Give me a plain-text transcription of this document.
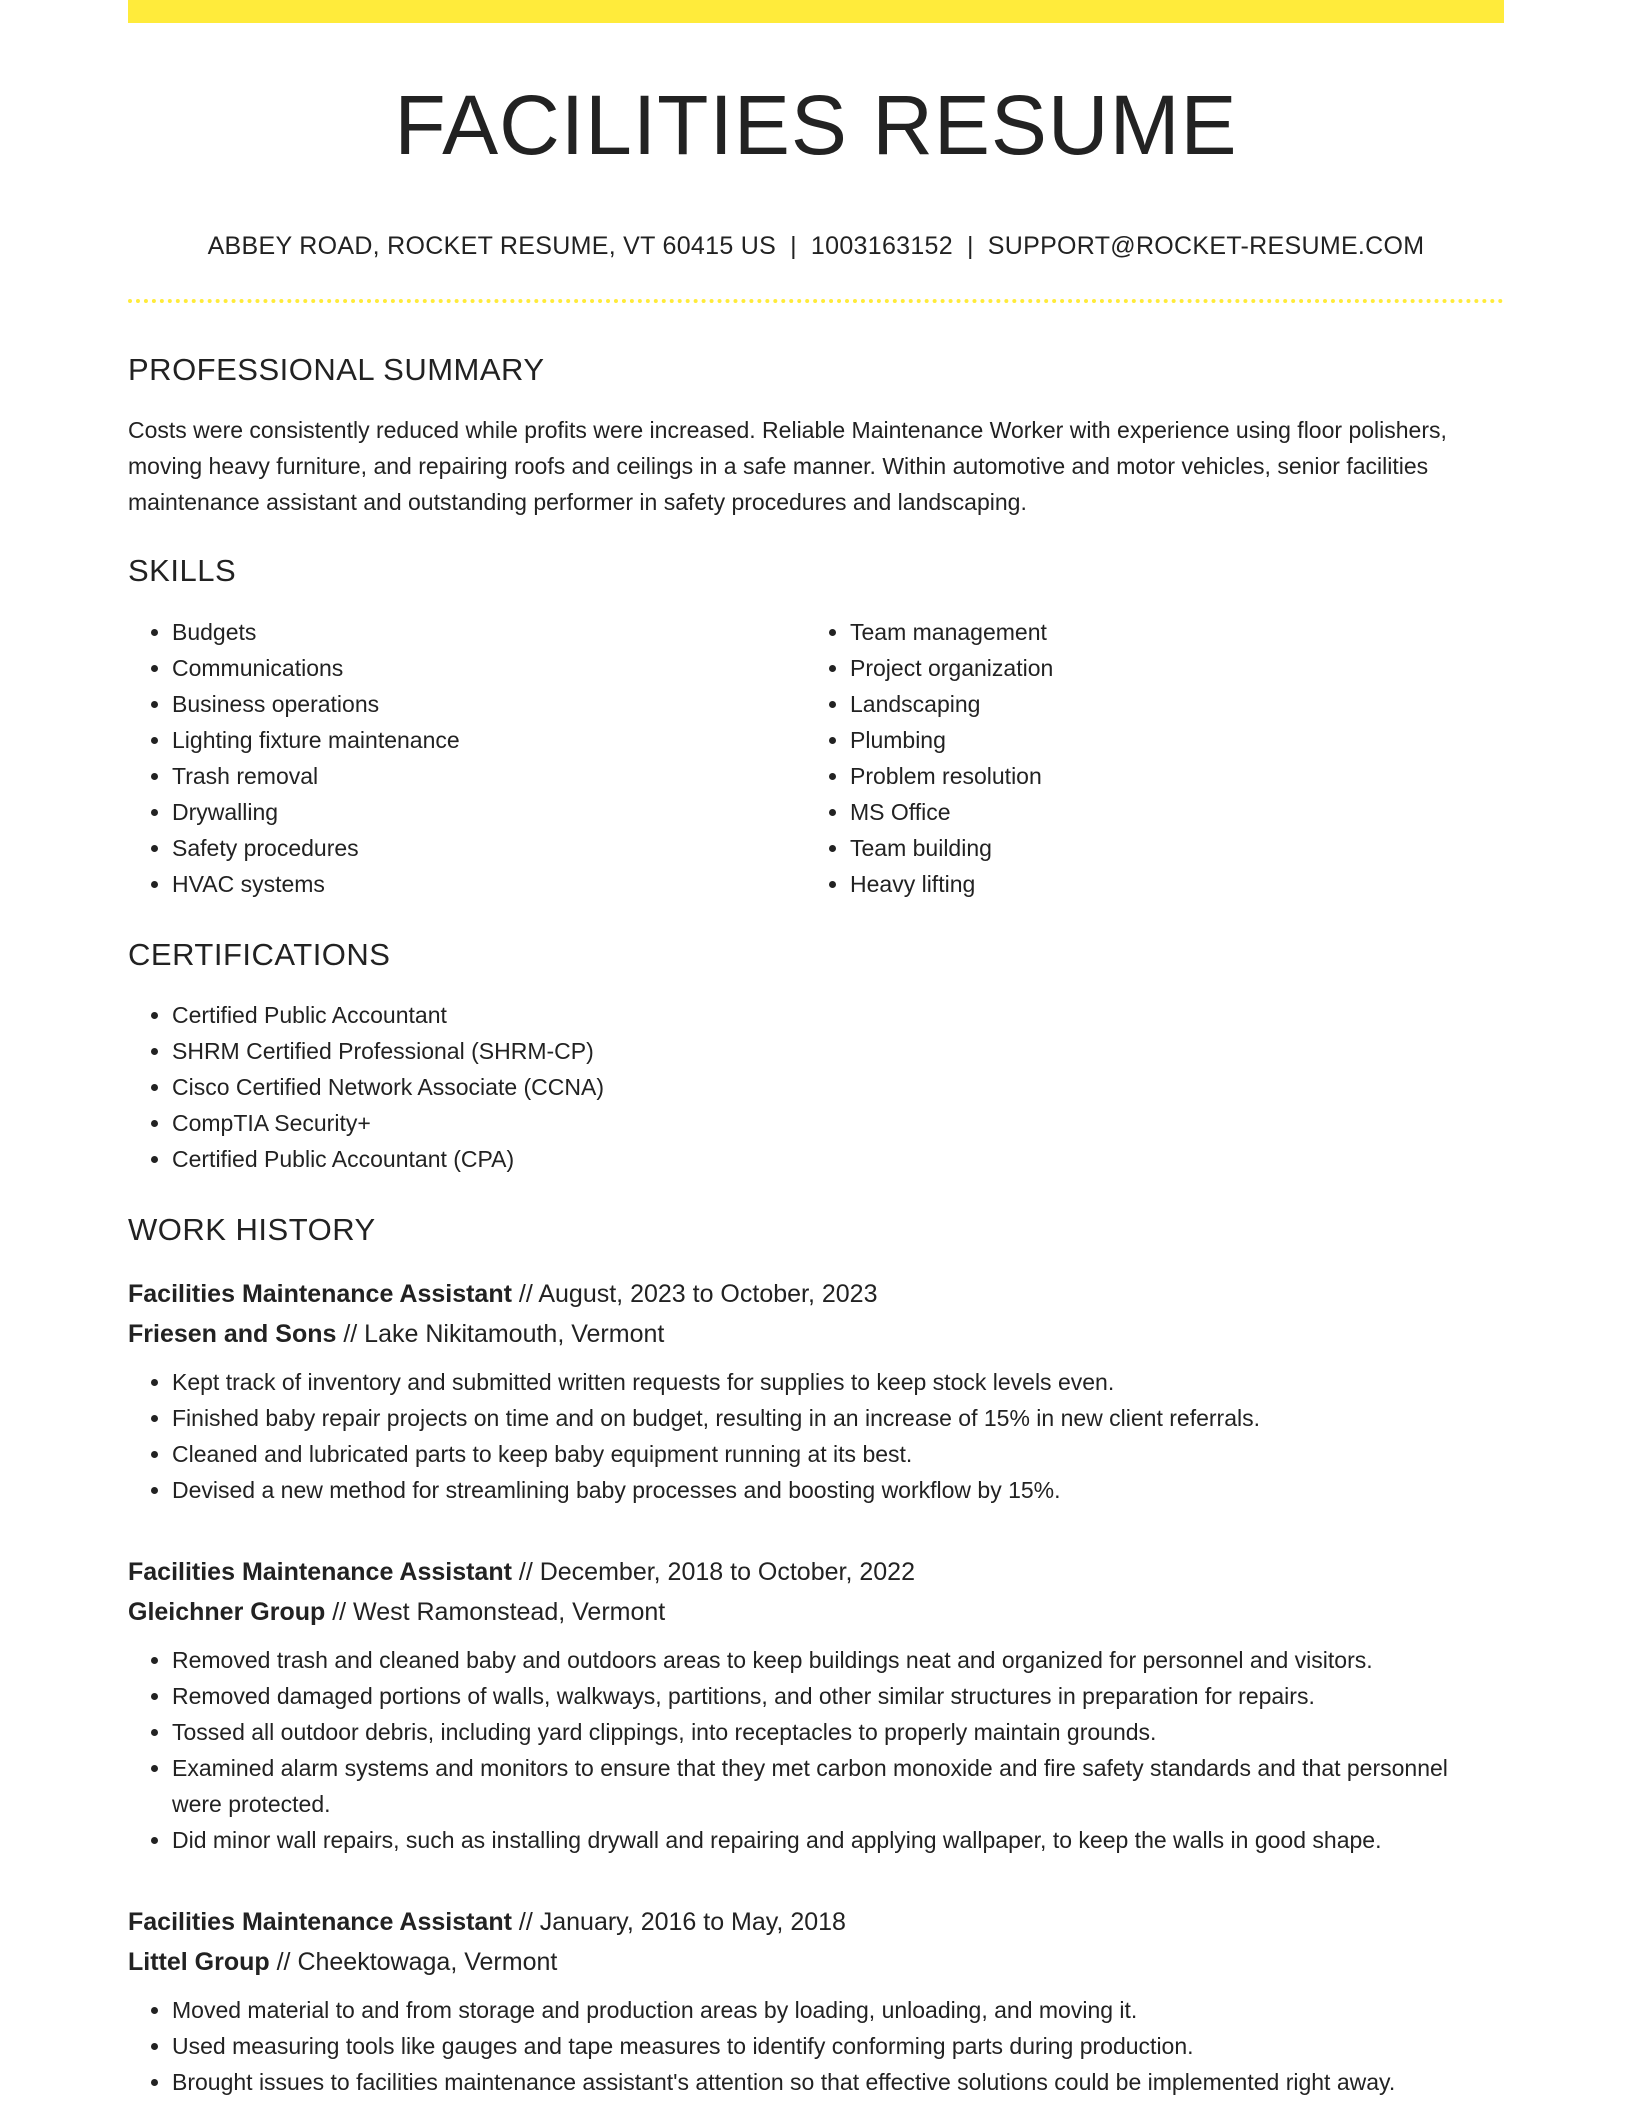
FACILITIES RESUME
ABBEY ROAD, ROCKET RESUME, VT 60415 US | 1003163152 | SUPPORT@ROCKET-RESUME.COM
PROFESSIONAL SUMMARY
Costs were consistently reduced while profits were increased. Reliable Maintenance Worker with experience using floor polishers, moving heavy furniture, and repairing roofs and ceilings in a safe manner. Within automotive and motor vehicles, senior facilities maintenance assistant and outstanding performer in safety procedures and landscaping.
SKILLS
• Budgets
• Communications
• Business operations
• Lighting fixture maintenance
• Trash removal
• Drywalling
• Safety procedures
• HVAC systems
• Team management
• Project organization
• Landscaping
• Plumbing
• Problem resolution
• MS Office
• Team building
• Heavy lifting
CERTIFICATIONS
• Certified Public Accountant
• SHRM Certified Professional (SHRM-CP)
• Cisco Certified Network Associate (CCNA)
• CompTIA Security+
• Certified Public Accountant (CPA)
WORK HISTORY
Facilities Maintenance Assistant // August, 2023 to October, 2023
Friesen and Sons // Lake Nikitamouth, Vermont
• Kept track of inventory and submitted written requests for supplies to keep stock levels even.
• Finished baby repair projects on time and on budget, resulting in an increase of 15% in new client referrals.
• Cleaned and lubricated parts to keep baby equipment running at its best.
• Devised a new method for streamlining baby processes and boosting workflow by 15%.
Facilities Maintenance Assistant // December, 2018 to October, 2022
Gleichner Group // West Ramonstead, Vermont
• Removed trash and cleaned baby and outdoors areas to keep buildings neat and organized for personnel and visitors.
• Removed damaged portions of walls, walkways, partitions, and other similar structures in preparation for repairs.
• Tossed all outdoor debris, including yard clippings, into receptacles to properly maintain grounds.
• Examined alarm systems and monitors to ensure that they met carbon monoxide and fire safety standards and that personnel were protected.
• Did minor wall repairs, such as installing drywall and repairing and applying wallpaper, to keep the walls in good shape.
Facilities Maintenance Assistant // January, 2016 to May, 2018
Littel Group // Cheektowaga, Vermont
• Moved material to and from storage and production areas by loading, unloading, and moving it.
• Used measuring tools like gauges and tape measures to identify conforming parts during production.
• Brought issues to facilities maintenance assistant's attention so that effective solutions could be implemented right away.
